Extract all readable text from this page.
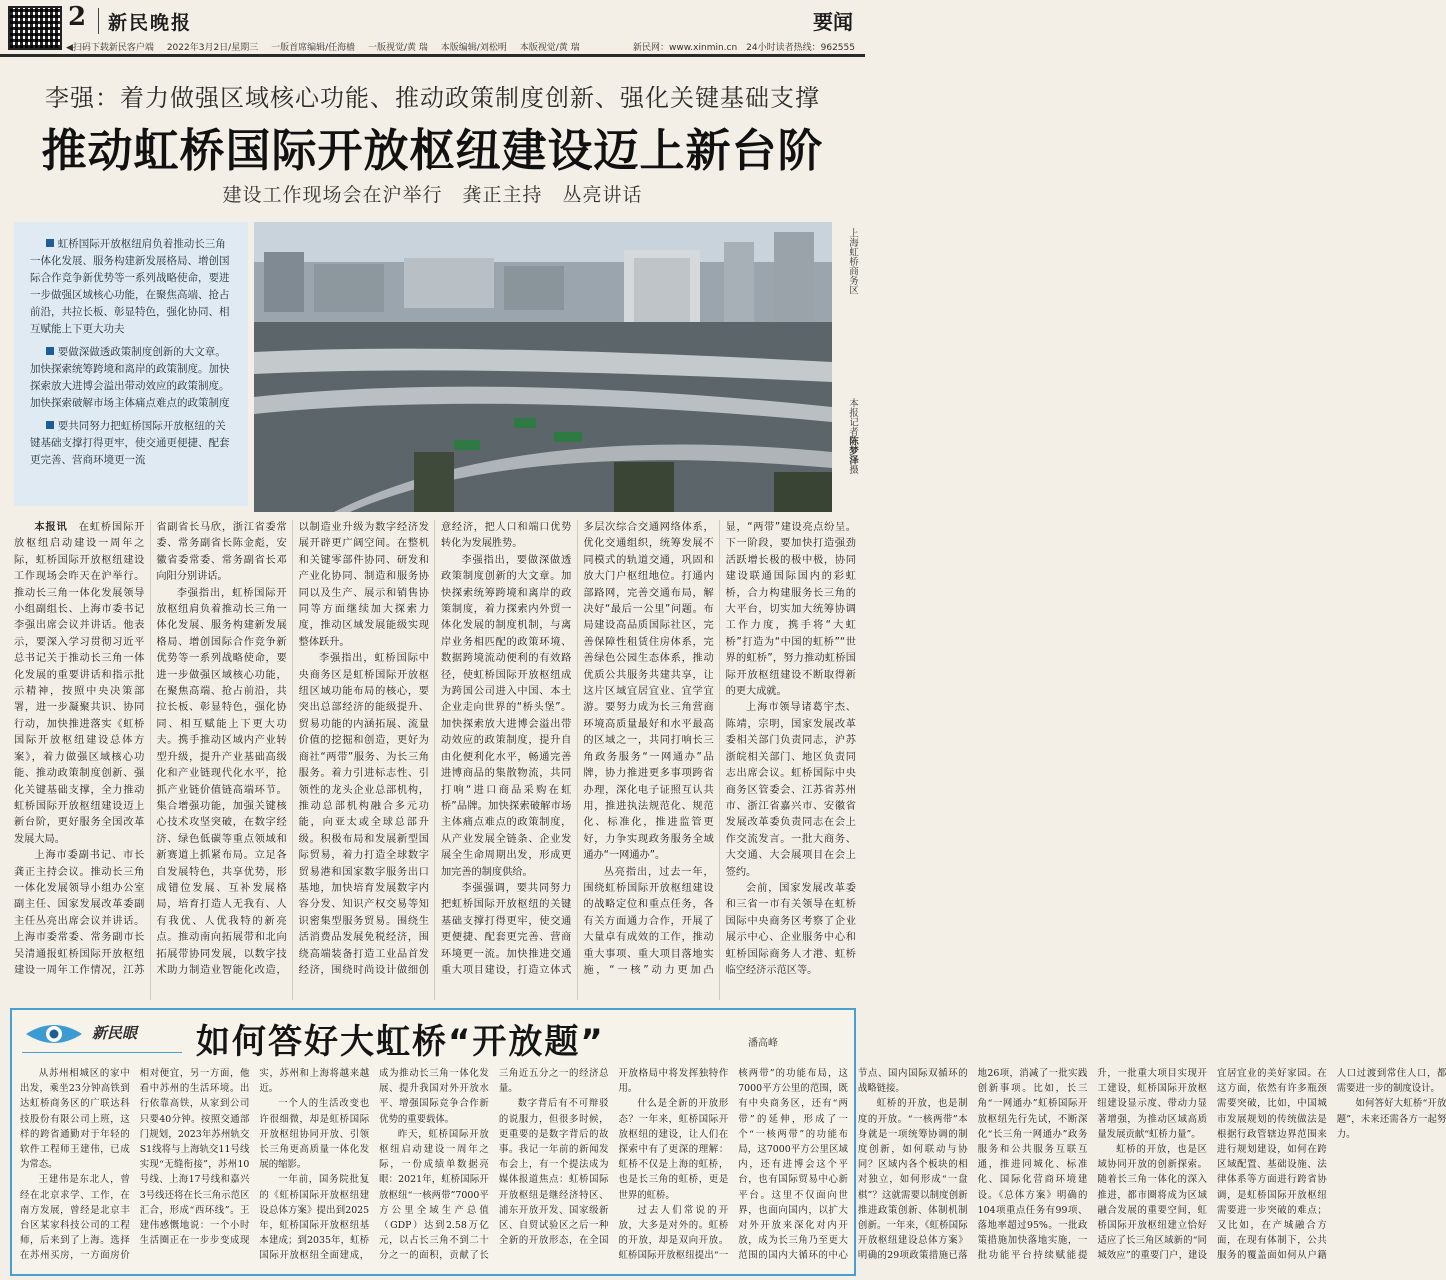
2 新民晚报	要闻
◀扫码下载新民客户端 2022年3月2日/星期三 一版首席编辑/任海樯 一版视觉/黄 瑞 本版编辑/刘松明 本版视觉/黄 瑞	新民网：www.xinmin.cn　24小时读者热线：962555
李强：着力做强区域核心功能、推动政策制度创新、强化关键基础支撑
推动虹桥国际开放枢纽建设迈上新台阶
建设工作现场会在沪举行　龚正主持　丛亮讲话

虹桥国际开放枢纽肩负着推动长三角一体化发展、服务构建新发展格局、增创国际合作竞争新优势等一系列战略使命，要进一步做强区域核心功能，在聚焦高端、抢占前沿，共拉长板、彰显特色，强化协同、相互赋能上下更大功夫

要做深做透政策制度创新的大文章。加快探索统筹跨境和离岸的政策制度。加快探索放大进博会溢出带动效应的政策制度。加快探索破解市场主体痛点难点的政策制度

要共同努力把虹桥国际开放枢纽的关键基础支撑打得更牢，使交通更便捷、配套更完善、营商环境更一流

上海虹桥商务区
本报记者陈梦泽摄

本报讯　 在虹桥国际开放枢纽启动建设一周年之际，虹桥国际开放枢纽建设工作现场会昨天在沪举行。推动长三角一体化发展领导小组副组长、上海市委书记李强出席会议并讲话。他表示，要深入学习贯彻习近平总书记关于推动长三角一体化发展的重要讲话和指示批示精神，按照中央决策部署，进一步凝聚共识、协同行动，加快推进落实《虹桥国际开放枢纽建设总体方案》，着力做强区域核心功能、推动政策制度创新、强化关键基础支撑，全力推动虹桥国际开放枢纽建设迈上新台阶，更好服务全国改革发展大局。

上海市委副书记、市长龚正主持会议。推动长三角一体化发展领导小组办公室副主任、国家发展改革委副主任丛亮出席会议并讲话。上海市委常委、常务副市长吴清通报虹桥国际开放枢纽建设一周年工作情况，江苏省副省长马欣，浙江省委常委、常务副省长陈金彪，安徽省委常委、常务副省长邓向阳分别讲话。

李强指出，虹桥国际开放枢纽肩负着推动长三角一体化发展、服务构建新发展格局、增创国际合作竞争新优势等一系列战略使命，要进一步做强区域核心功能，在聚焦高端、抢占前沿，共拉长板、彰显特色，强化协同、相互赋能上下更大功夫。携手推动区域内产业转型升级，提升产业基础高级化和产业链现代化水平，抢抓产业链价值链高端环节。集合增强功能，加强关键核心技术攻坚突破，在数字经济、绿色低碳等重点领域和新赛道上抓紧布局。立足各自发展特色，共享优势，形成错位发展、互补发展格局，培育打造人无我有、人有我优、人优我特的新亮点。推动南向拓展带和北向拓展带协同发展，以数字技术助力制造业智能化改造，以制造业升级为数字经济发展开辟更广阔空间。在整机和关键零部件协同、研发和产业化协同、制造和服务协同以及生产、展示和销售协同等方面继续加大探索力度，推动区域发展能级实现整体跃升。

李强指出，虹桥国际中央商务区是虹桥国际开放枢纽区域功能布局的核心，要突出总部经济的能级提升、贸易功能的内涵拓展、流量价值的挖掘和创造，更好为商社“两带”服务、为长三角服务。着力引进标志性、引领性的龙头企业总部机构，推动总部机构融合多元功能，向亚太或全球总部升级。积极布局和发展新型国际贸易，着力打造全球数字贸易港和国家数字服务出口基地，加快培育发展数字内容分发、知识产权交易等知识密集型服务贸易。围绕生活消费品发展免税经济，围绕高端装备打造工业品首发经济，围绕时尚设计做细创意经济，把人口和端口优势转化为发展胜势。

李强指出，要做深做透政策制度创新的大文章。加快探索统筹跨境和离岸的政策制度，着力探索内外贸一体化发展的制度机制，与离岸业务相匹配的政策环境、数据跨境流动便利的有效路径，使虹桥国际开放枢纽成为跨国公司进入中国、本土企业走向世界的“桥头堡”。加快探索放大进博会溢出带动效应的政策制度，提升自由化便利化水平，畅通完善进博商品的集散物流，共同打响“进口商品采购在虹桥”品牌。加快探索破解市场主体痛点难点的政策制度，从产业发展全链条、企业发展全生命周期出发，形成更加完善的制度供给。

李强强调，要共同努力把虹桥国际开放枢纽的关键基础支撑打得更牢，使交通更便捷、配套更完善、营商环境更一流。加快推进交通重大项目建设，打造立体式多层次综合交通网络体系，优化交通组织，统筹发展不同模式的轨道交通，巩固和放大门户枢纽地位。打通内部路网，完善交通布局，解决好“最后一公里”问题。布局建设高品质国际社区，完善保障性租赁住房体系，完善绿色公园生态体系，推动优质公共服务共建共享，让这片区域宜居宜业、宜学宜游。要努力成为长三角营商环境高质量最好和水平最高的区域之一，共同打响长三角政务服务“一网通办”品牌，协力推进更多事项跨省办理，深化电子证照互认共用，推进执法规范化、规范化、标准化，推进监管更好，力争实现政务服务全域通办“一网通办”。

丛亮指出，过去一年，围绕虹桥国际开放枢纽建设的战略定位和重点任务，各有关方面通力合作，开展了大量卓有成效的工作，推动重大事项、重大项目落地实施，“一核”动力更加凸显，“两带”建设亮点纷呈。下一阶段，要加快打造强劲活跃增长极的极中极，协同建设联通国际国内的彩虹桥，合力构建服务长三角的大平台，切实加大统筹协调工作力度，携手将“大虹桥”打造为“中国的虹桥”“世界的虹桥”，努力推动虹桥国际开放枢纽建设不断取得新的更大成就。

上海市领导诸葛宇杰、陈靖，宗明，国家发展改革委相关部门负责同志，沪苏浙皖相关部门、地区负责同志出席会议。虹桥国际中央商务区管委会、江苏省苏州市、浙江省嘉兴市、安徽省发展改革委负责同志在会上作交流发言。一批大商务、大交通、大会展项目在会上签约。

会前，国家发展改革委和三省一市有关领导在虹桥国际中央商务区考察了企业展示中心、企业服务中心和虹桥国际商务人才港、虹桥临空经济示范区等。

新民眼 如何答好大虹桥“开放题”	潘高峰

从苏州相城区的家中出发，乘坐23分钟高铁到达虹桥商务区的广联达科技股份有限公司上班，这样的跨省通勤对于年轻的软件工程师王建伟，已成为常态。

王建伟是东北人，曾经在北京求学、工作，在南方发展，曾经是北京丰台区某家科技公司的工程师，后来到了上海。选择在苏州买房，一方面房价相对便宜，另一方面，他看中苏州的生活环境。出行依靠高铁，从家到公司只要40分钟。按照交通部门规划，2023年苏州轨交S1线将与上海轨交11号线实现“无缝衔接”，苏州10号线、上海17号线和嘉兴3号线还将在长三角示范区汇合，形成“西环线”。王建伟感慨地说：一个小时生活圈正在一步步变成现实，苏州和上海将越来越近。

一个人的生活改变也许很细微，却是虹桥国际开放枢纽协同开放、引领长三角更高质量一体化发展的缩影。

一年前，国务院批复的《虹桥国际开放枢纽建设总体方案》提出到2025年，虹桥国际开放枢纽基本建成；到2035年，虹桥国际开放枢纽全面建成，成为推动长三角一体化发展、提升我国对外开放水平、增强国际竞争合作新优势的重要载体。

昨天，虹桥国际开放枢纽启动建设一周年之际，一份成绩单数据亮眼：2021年，虹桥国际开放枢纽“一核两带”7000平方公里全域生产总值（GDP）达到2.58万亿元，以占长三角不到二十分之一的面积，贡献了长三角近五分之一的经济总量。

数字背后有不可辩驳的说服力，但很多时候，更重要的是数字背后的故事。我记一年前的新闻发布会上，有一个提法成为媒体报道焦点：虹桥国际开放枢纽是继经济特区、浦东开放开发、国家级新区、自贸试验区之后一种全新的开放形态，在全国开放格局中将发挥独特作用。

什么是全新的开放形态？一年来，虹桥国际开放枢纽的建设，让人们在探索中有了更深的理解：虹桥不仅是上海的虹桥，也是长三角的虹桥，更是世界的虹桥。

过去人们常说的开放，大多是对外的。虹桥的开放，却是双向开放。虹桥国际开放枢纽提出“一核两带”的功能布局，这7000平方公里的范围，既有中央商务区，还有“两带”的延伸，形成了一个“一核两带”的功能布局，这7000平方公里区域内，还有进博会这个平台，也有国际贸易中心新平台。这里不仅面向世界，也面向国内，以扩大对外开放来深化对内开放，成为长三角乃至更大范围的国内大循环的中心节点、国内国际双循环的战略链接。

虹桥的开放，也是制度的开放。“一核两带”本身就是一项统筹协调的制度创新，如何联动与协同？区域内各个板块的相对独立，如何形成“一盘棋”？这就需要以制度创新推进政策创新、体制机制创新。一年来，《虹桥国际开放枢纽建设总体方案》明确的29项政策措施已落地26项，消减了一批实践创新事项。比如，长三角“一网通办”虹桥国际开放枢纽先行先试，不断深化“长三角一网通办”政务服务和公共服务互联互通，推进同城化、标准化、国际化营商环境建设。《总体方案》明确的104项重点任务有99项、落地率超过95%。一批政策措施加快落地实施，一批功能平台持续赋能提升，一批重大项目实现开工建设，虹桥国际开放枢纽建设显示度、带动力显著增强，为推动区域高质量发展贡献“虹桥力量”。

虹桥的开放，也是区域协同开放的创新探索。随着长三角一体化的深入推进，都市圈将成为区域融合发展的重要空间，虹桥国际开放枢纽建立恰好适应了长三角区域新的“同城效应”的重要门户，建设宜居宜业的美好家园。在这方面，依然有许多瓶颈需要突破，比如，中国城市发展规划的传统做法是根据行政管辖边界范围来进行规划建设，如何在跨区域配置、基础设施、法律体系等方面进行跨省协调，是虹桥国际开放枢纽需要进一步突破的难点；又比如，在产城融合方面，在现有体制下，公共服务的覆盖面如何从户籍人口过渡到常住人口，都需要进一步的制度设计。

如何答好大虹桥“开放题”，未来还需各方一起努力。
